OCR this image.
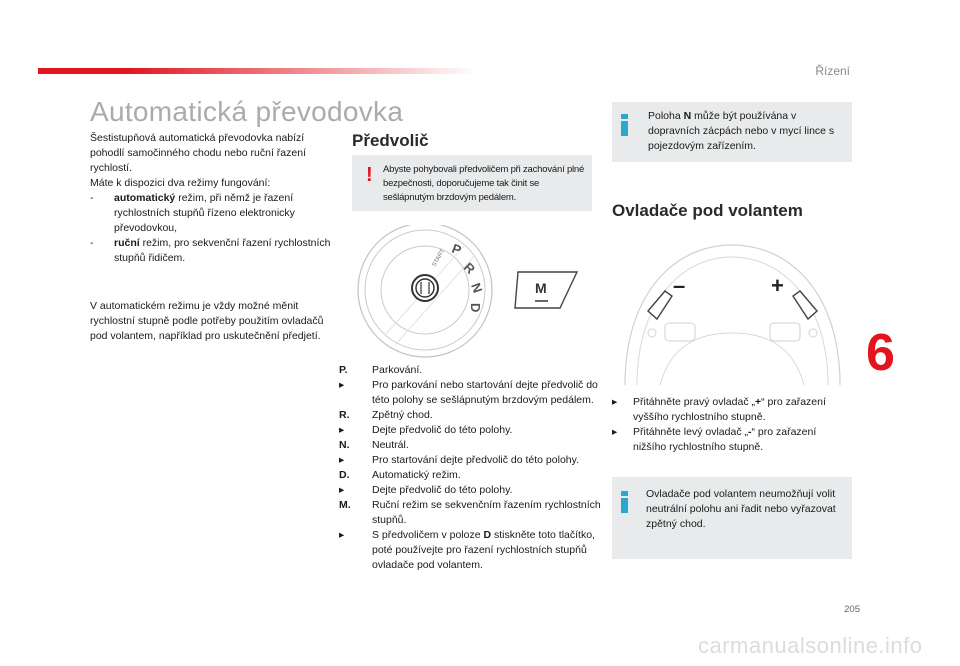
Řízení
Automatická převodovka

Šestistupňová automatická převodovka nabízí pohodlí samočinného chodu nebo ruční řazení rychlostí.

Máte k dispozici dva režimy fungování:

- automatický režim, při němž je řazení rychlostních stupňů řízeno elektronicky převodovkou,

- ruční režim, pro sekvenční řazení rychlostních stupňů řidičem.

V automatickém režimu je vždy možné měnit rychlostní stupně podle potřeby použitím ovladačů pod volantem, například pro uskutečnění předjetí.

Předvolič
! Abyste pohybovali předvoličem při zachování plné bezpečnosti, doporučujeme tak činit se sešlápnutým brzdovým pedálem.
START P
R
N
D
M
P. Parkování.
▸	Pro parkování nebo startování dejte předvolič do této polohy se sešlápnutým brzdovým pedálem.
R. Zpětný chod.
▸	Dejte předvolič do této polohy.
N. Neutrál.
▸	Pro startování dejte předvolič do této polohy.
D. Automatický režim.
▸	Dejte předvolič do této polohy.
M. Ruční režim se sekvenčním řazením rychlostních stupňů.
▸	S předvoličem v poloze D stiskněte toto tlačítko, poté používejte pro řazení rychlostních stupňů ovladače pod volantem.
Poloha N může být používána v dopravních zácpách nebo v mycí lince s pojezdovým zařízením.
Ovladače pod volantem
–	+
▸ Přitáhněte pravý ovladač „+“ pro zařazení vyššího rychlostního stupně.
▸ Přitáhněte levý ovladač „-“ pro zařazení nižšího rychlostního stupně.
Ovladače pod volantem neumožňují volit neutrální polohu ani řadit nebo vyřazovat zpětný chod.
6
205
carmanualsonline.info
